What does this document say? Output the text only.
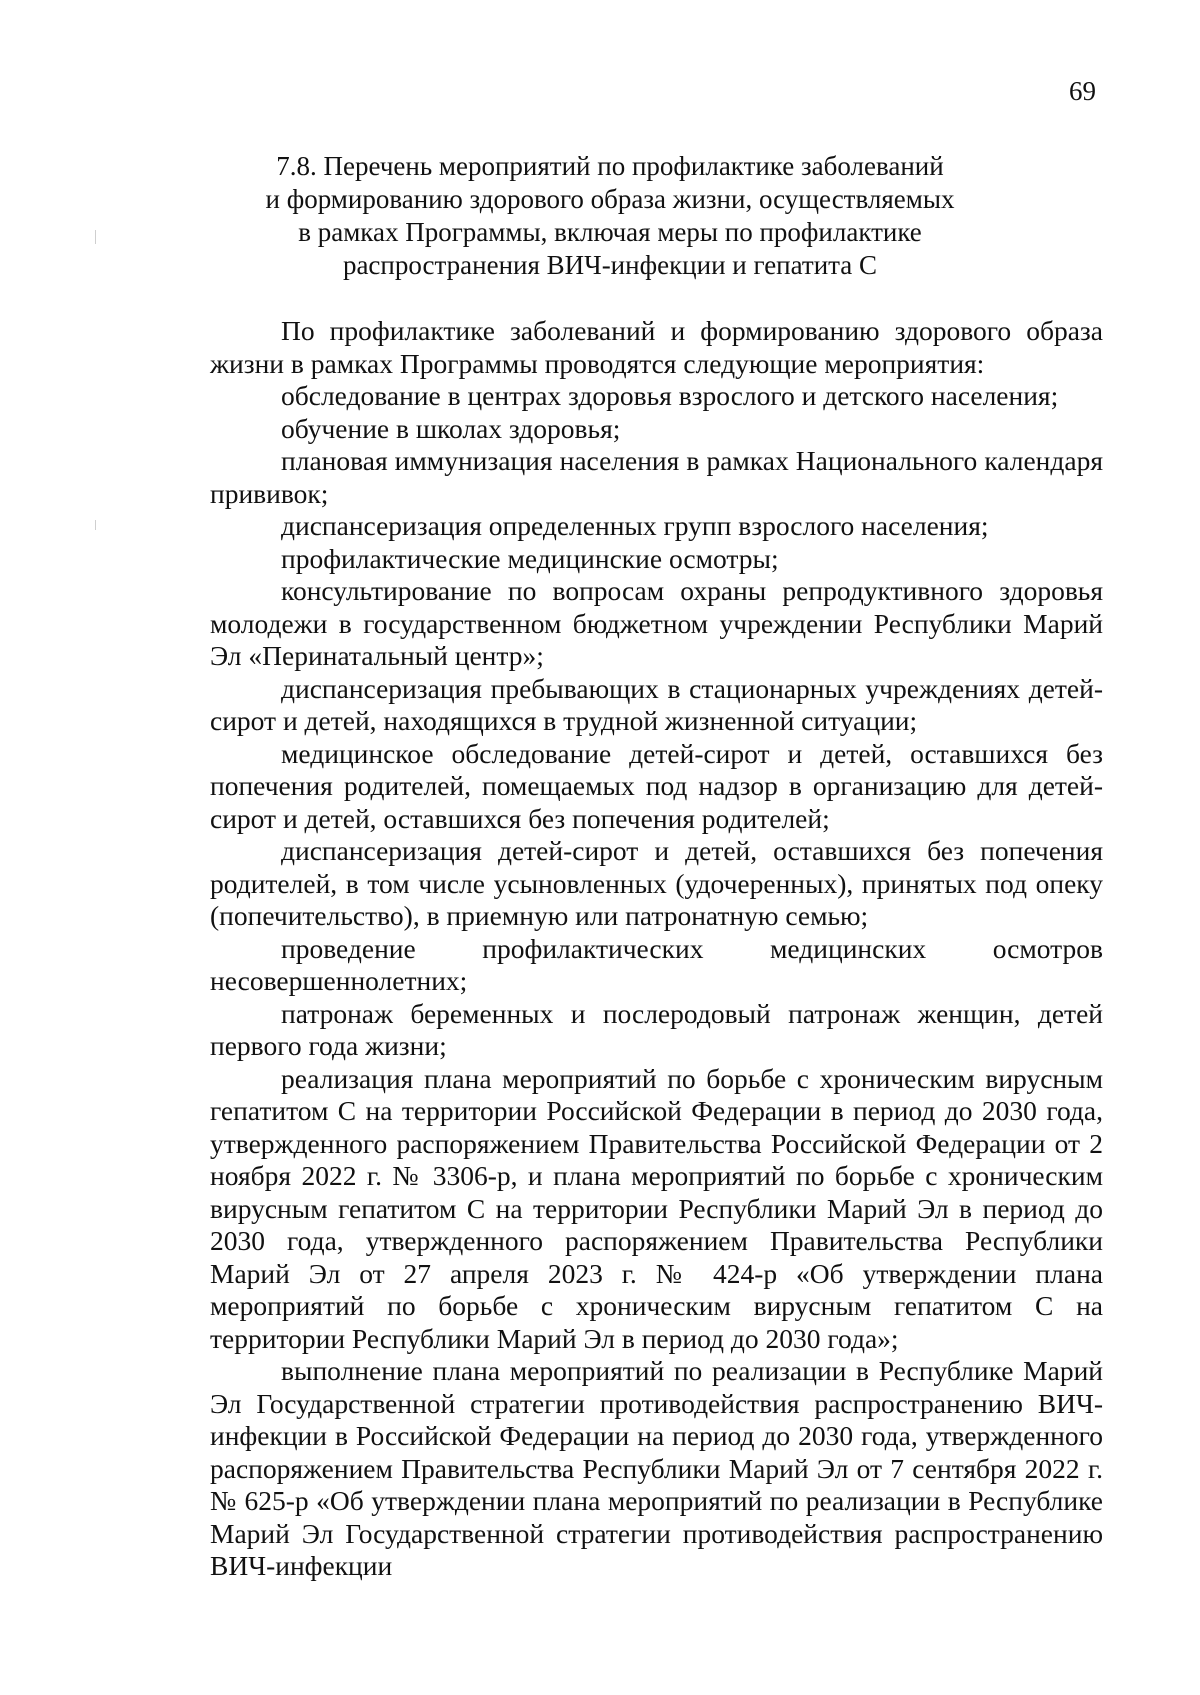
69
7.8. Перечень мероприятий по профилактике заболеваний
и формированию здорового образа жизни, осуществляемых
в рамках Программы, включая меры по профилактике
распространения ВИЧ-инфекции и гепатита С

По профилактике заболеваний и формированию здорового образа жизни в рамках Программы проводятся следующие мероприятия:

обследование в центрах здоровья взрослого и детского населения;

обучение в школах здоровья;

плановая иммунизация населения в рамках Национального календаря прививок;

диспансеризация определенных групп взрослого населения;

профилактические медицинские осмотры;

консультирование по вопросам охраны репродуктивного здоровья молодежи в государственном бюджетном учреждении Республики Марий Эл «Перинатальный центр»;

диспансеризация пребывающих в стационарных учреждениях детей-сирот и детей, находящихся в трудной жизненной ситуации;

медицинское обследование детей-сирот и детей, оставшихся без попечения родителей, помещаемых под надзор в организацию для детей-сирот и детей, оставшихся без попечения родителей;

диспансеризация детей-сирот и детей, оставшихся без попечения родителей, в том числе усыновленных (удочеренных), принятых под опеку (попечительство), в приемную или патронатную семью;

проведение профилактических медицинских осмотров несовершеннолетних;

патронаж беременных и послеродовый патронаж женщин, детей первого года жизни;

реализация плана мероприятий по борьбе с хроническим вирусным гепатитом С на территории Российской Федерации в период до 2030 года, утвержденного распоряжением Правительства Российской Федерации от 2 ноября 2022 г. № 3306-р, и плана мероприятий по борьбе с хроническим вирусным гепатитом С на территории Республики Марий Эл в период до 2030 года, утвержденного распоряжением Правительства Республики Марий Эл от 27 апреля 2023 г. № 424-р «Об утверждении плана мероприятий по борьбе с хроническим вирусным гепатитом С на территории Республики Марий Эл в период до 2030 года»;

выполнение плана мероприятий по реализации в Республике Марий Эл Государственной стратегии противодействия распространению ВИЧ-инфекции в Российской Федерации на период до 2030 года, утвержденного распоряжением Правительства Республики Марий Эл от 7 сентября 2022 г. № 625-р «Об утверждении плана мероприятий по реализации в Республике Марий Эл Государственной стратегии противодействия распространению ВИЧ-инфекции
